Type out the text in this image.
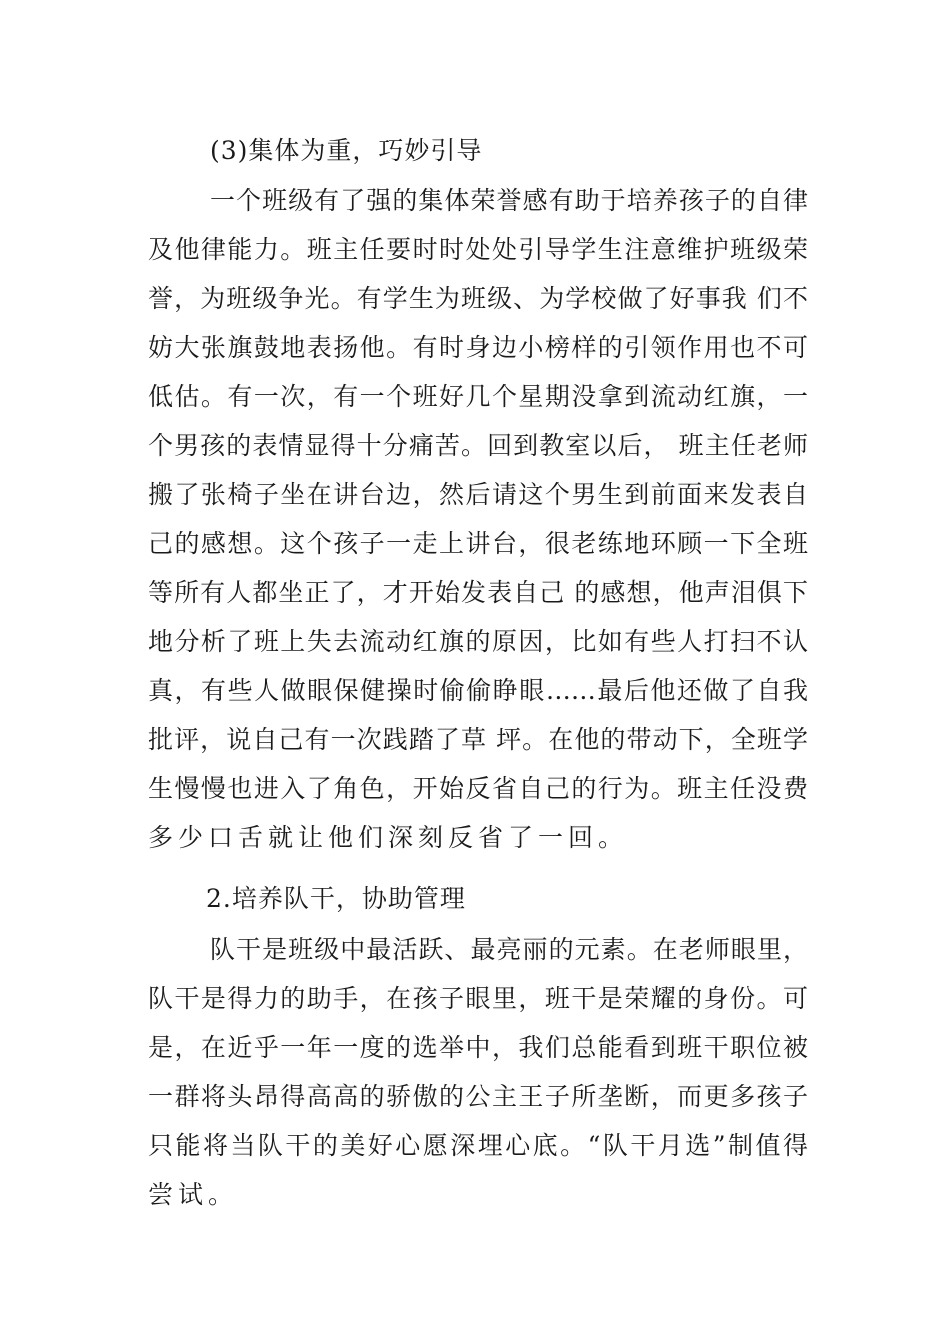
(3)集体为重，巧妙引导
一个班级有了强的集体荣誉感有助于培养孩子的自律
及他律能力。班主任要时时处处引导学生注意维护班级荣
誉，为班级争光。有学生为班级、为学校做了好事我 们不
妨大张旗鼓地表扬他。有时身边小榜样的引领作用也不可
低估。有一次，有一个班好几个星期没拿到流动红旗，一
个男孩的表情显得十分痛苦。回到教室以后， 班主任老师
搬了张椅子坐在讲台边，然后请这个男生到前面来发表自
己的感想。这个孩子一走上讲台，很老练地环顾一下全班
等所有人都坐正了，才开始发表自己 的感想，他声泪俱下
地分析了班上失去流动红旗的原因，比如有些人打扫不认
真，有些人做眼保健操时偷偷睁眼……最后他还做了自我
批评，说自己有一次践踏了草 坪。在他的带动下，全班学
生慢慢也进入了角色，开始反省自己的行为。班主任没费
多少口舌就让他们深刻反省了一回。
2.培养队干，协助管理
队干是班级中最活跃、最亮丽的元素。在老师眼里，
队干是得力的助手，在孩子眼里，班干是荣耀的身份。可
是，在近乎一年一度的选举中，我们总能看到班干职位被
一群将头昂得高高的骄傲的公主王子所垄断，而更多孩子
只能将当队干的美好心愿深埋心底。“队干月选”制值得
尝试。
